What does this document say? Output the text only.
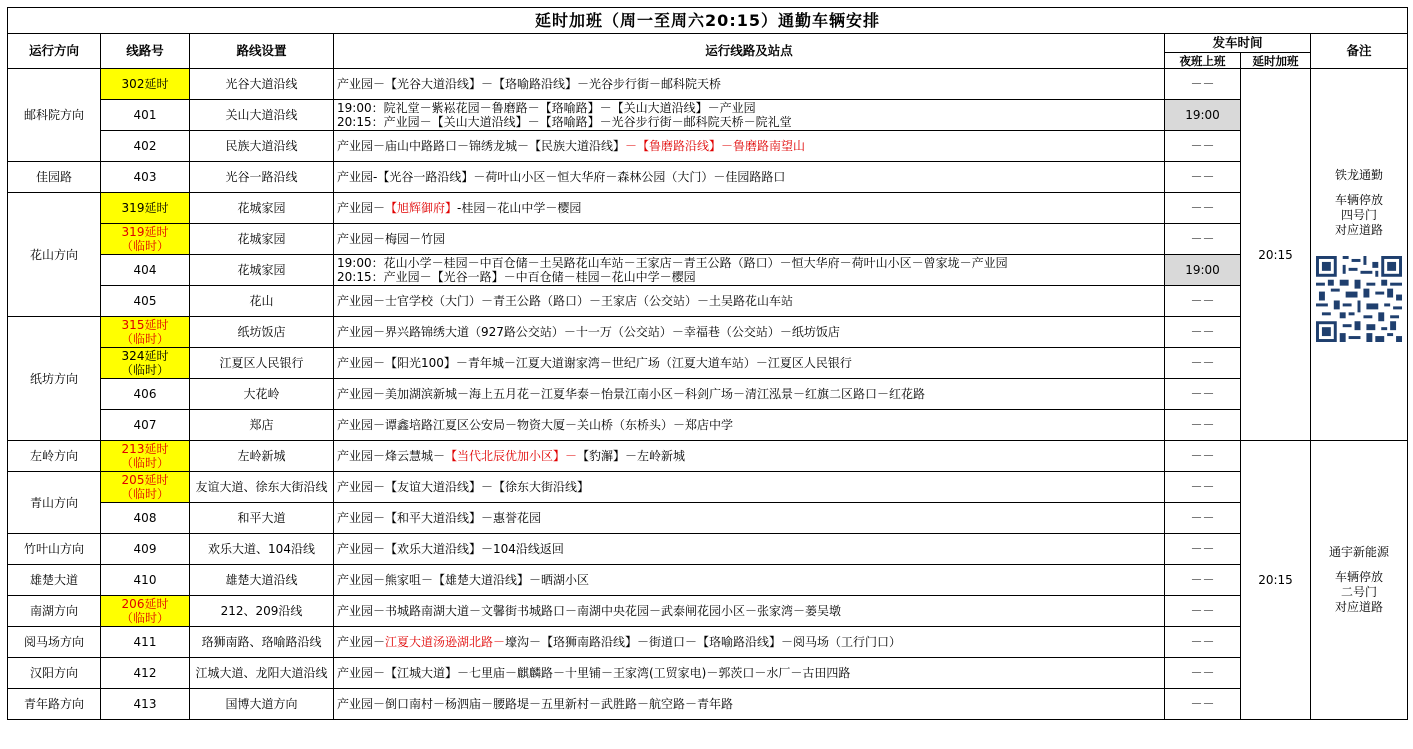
延时加班（周一至周六20:15）通勤车辆安排						
运行方向	线路号	路线设置	运行线路及站点	发车时间		备注
				夜班上班	延时加班	
邮科院方向	302延时	光谷大道沿线	产业园－【光谷大道沿线】－【珞喻路沿线】－光谷步行街－邮科院天桥	－－	20:15	铁龙通勤
车辆停放
四号门
对应道路

	401	关山大道沿线	19:00：院礼堂－紫崧花园－鲁磨路－【珞喻路】－【关山大道沿线】－产业园
20:15：产业园－【关山大道沿线】－【珞喻路】－光谷步行街－邮科院天桥－院礼堂	19:00		
	402	民族大道沿线	产业园－庙山中路路口－锦绣龙城－【民族大道沿线】－【鲁磨路沿线】－鲁磨路南望山	－－		
佳园路	403	光谷一路沿线	产业园-【光谷一路沿线】－荷叶山小区－恒大华府－森林公园（大门）－佳园路路口	－－		
花山方向	319延时	花城家园	产业园－【旭辉御府】-桂园－花山中学－樱园	－－		

	319延时
（临时）	花城家园	产业园－梅园－竹园	－－		
	404	花城家园	19:00：花山小学－桂园－中百仓储－土吴路花山车站－王家店－青王公路（路口）－恒大华府－荷叶山小区－曾家垅－产业园
20:15：产业园－【光谷一路】－中百仓储－桂园－花山中学－樱园	19:00		
	405	花山	产业园－士官学校（大门）－青王公路（路口）－王家店（公交站）－土吴路花山车站	－－		
纸坊方向	315延时
（临时）	纸坊饭店	产业园－界兴路锦绣大道（927路公交站）－十一万（公交站）－幸福巷（公交站）－纸坊饭店	－－		

	324延时
（临时）	江夏区人民银行	产业园－【阳光100】－青年城－江夏大道谢家湾－世纪广场（江夏大道车站）－江夏区人民银行	－－		
	406	大花岭	产业园－美加湖滨新城－海上五月花－江夏华泰－怡景江南小区－科剑广场－清江泓景－红旗二区路口－红花路	－－		
	407	郑店	产业园－谭鑫培路江夏区公安局－物资大厦－关山桥（东桥头）－郑店中学	－－		
左岭方向	213延时
（临时）	左岭新城	产业园－烽云慧城－【当代北辰优加小区】－【豹澥】－左岭新城	－－	20:15	通宇新能源
车辆停放
二号门
对应道路

青山方向	205延时
（临时）	友谊大道、徐东大街沿线	产业园－【友谊大道沿线】－【徐东大街沿线】	－－		
	408	和平大道	产业园－【和平大道沿线】－惠誉花园	－－		
竹叶山方向	409	欢乐大道、104沿线	产业园－【欢乐大道沿线】－104沿线返回	－－		
雄楚大道	410	雄楚大道沿线	产业园－熊家咀－【雄楚大道沿线】－晒湖小区	－－		
南湖方向	206延时
（临时）	212、209沿线	产业园－书城路南湖大道－文馨街书城路口－南湖中央花园－武泰闸花园小区－张家湾－蒌吴墩	－－		
阅马场方向	411	珞狮南路、珞喻路沿线	产业园－江夏大道汤逊湖北路－壕沟－【珞狮南路沿线】－街道口－【珞喻路沿线】－阅马场（工行门口）	－－		
汉阳方向	412	江城大道、龙阳大道沿线	产业园－【江城大道】－七里庙－麒麟路－十里铺－王家湾(工贸家电)－郭茨口－水厂－古田四路	－－		
青年路方向	413	国博大道方向	产业园－倒口南村－杨泗庙－腰路堤－五里新村－武胜路－航空路－青年路	－－		
